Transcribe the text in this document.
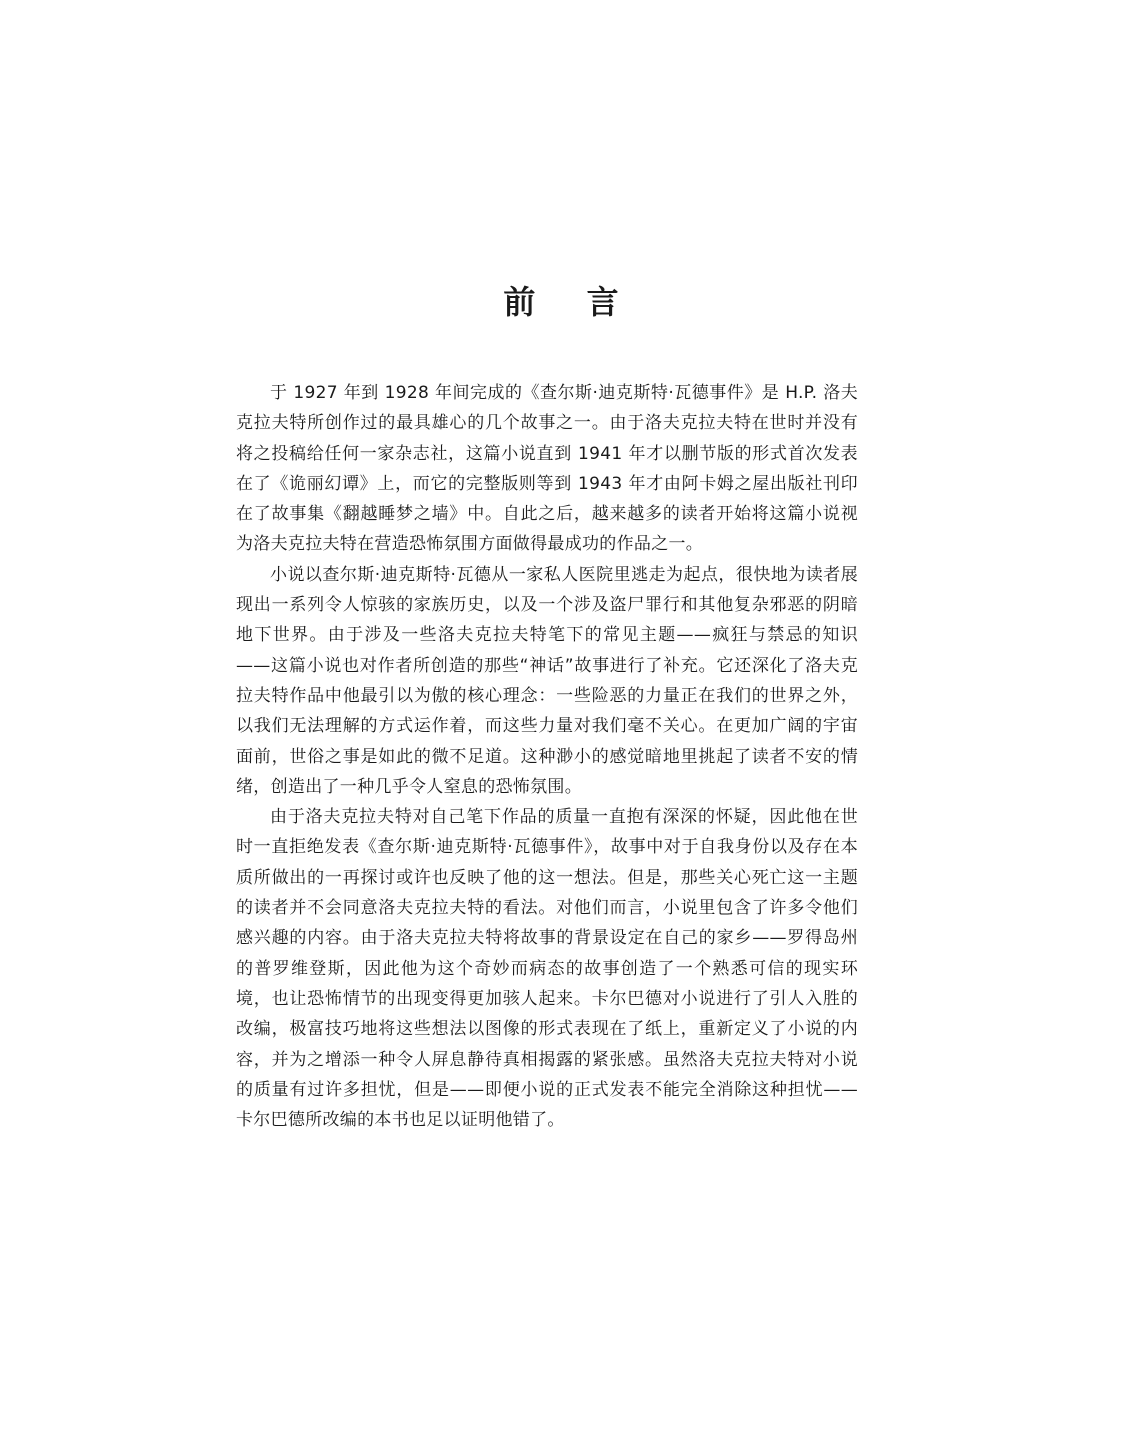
前 言

于 1927 年到 1928 年间完成的《查尔斯·迪克斯特·瓦德事件》是 H.P. 洛夫克拉夫特所创作过的最具雄心的几个故事之一。由于洛夫克拉夫特在世时并没有将之投稿给任何一家杂志社，这篇小说直到 1941 年才以删节版的形式首次发表在了《诡丽幻谭》上，而它的完整版则等到 1943 年才由阿卡姆之屋出版社刊印在了故事集《翻越睡梦之墙》中。自此之后，越来越多的读者开始将这篇小说视为洛夫克拉夫特在营造恐怖氛围方面做得最成功的作品之一。

小说以查尔斯·迪克斯特·瓦德从一家私人医院里逃走为起点，很快地为读者展现出一系列令人惊骇的家族历史，以及一个涉及盗尸罪行和其他复杂邪恶的阴暗地下世界。由于涉及一些洛夫克拉夫特笔下的常见主题——疯狂与禁忌的知识——这篇小说也对作者所创造的那些“神话”故事进行了补充。它还深化了洛夫克拉夫特作品中他最引以为傲的核心理念：一些险恶的力量正在我们的世界之外，以我们无法理解的方式运作着，而这些力量对我们毫不关心。在更加广阔的宇宙面前，世俗之事是如此的微不足道。这种渺小的感觉暗地里挑起了读者不安的情绪，创造出了一种几乎令人窒息的恐怖氛围。

由于洛夫克拉夫特对自己笔下作品的质量一直抱有深深的怀疑，因此他在世时一直拒绝发表《查尔斯·迪克斯特·瓦德事件》，故事中对于自我身份以及存在本质所做出的一再探讨或许也反映了他的这一想法。但是，那些关心死亡这一主题的读者并不会同意洛夫克拉夫特的看法。对他们而言，小说里包含了许多令他们感兴趣的内容。由于洛夫克拉夫特将故事的背景设定在自己的家乡——罗得岛州的普罗维登斯，因此他为这个奇妙而病态的故事创造了一个熟悉可信的现实环境，也让恐怖情节的出现变得更加骇人起来。卡尔巴德对小说进行了引人入胜的改编，极富技巧地将这些想法以图像的形式表现在了纸上，重新定义了小说的内容，并为之增添一种令人屏息静待真相揭露的紧张感。虽然洛夫克拉夫特对小说的质量有过许多担忧，但是——即便小说的正式发表不能完全消除这种担忧——卡尔巴德所改编的本书也足以证明他错了。
